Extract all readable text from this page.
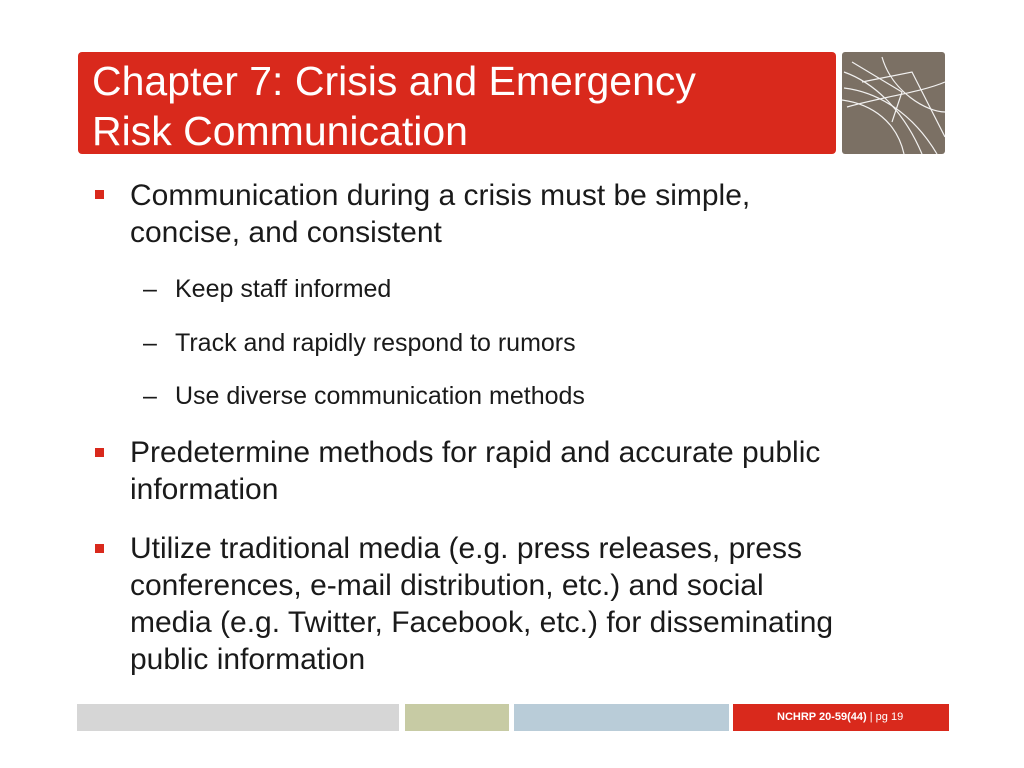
Chapter 7: Crisis and Emergency
Risk Communication
Communication during a crisis must be simple,
concise, and consistent
– Keep staff informed
– Track and rapidly respond to rumors
– Use diverse communication methods
Predetermine methods for rapid and accurate public
information
Utilize traditional media (e.g. press releases, press
conferences, e-mail distribution, etc.) and social
media (e.g. Twitter, Facebook, etc.) for disseminating
public information
NCHRP 20-59(44) | pg 19
